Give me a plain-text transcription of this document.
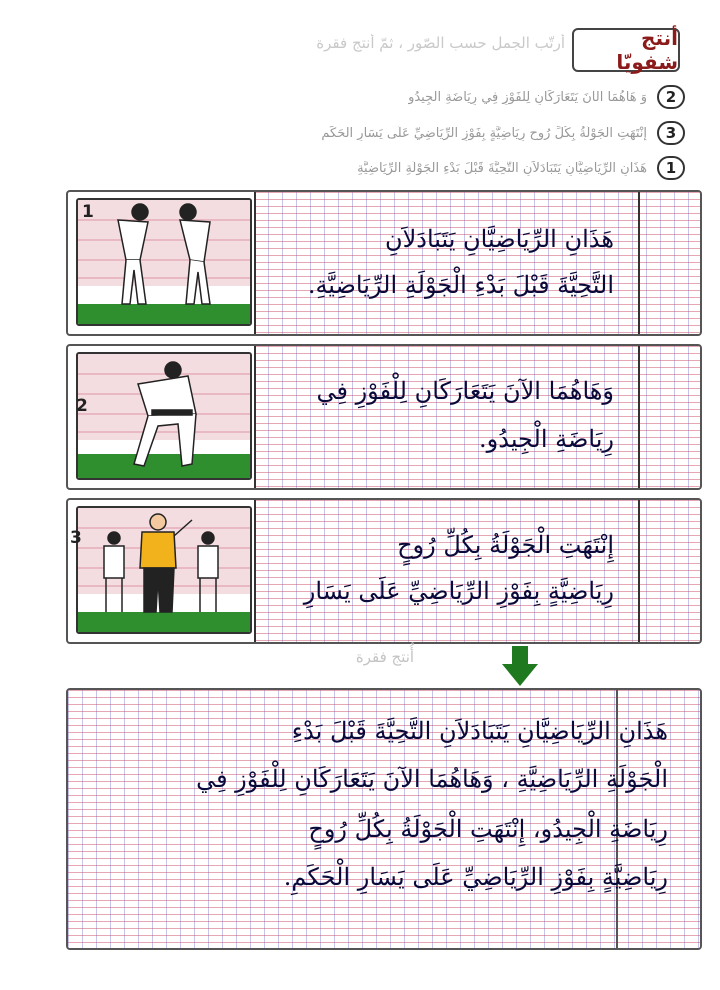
أنتج شفويّا
أرتّب الجمل حسب الصّور ، ثمّ أنتج فقرة
2
وَ هَاهُمَا الآنَ يَتَعَارَكَانِ لِلْفَوْزِ فِي رِيَاضَةِ الْجِيدُو
3
إِنْتَهَتِ الْجَوْلَةُ بِكُلِّ رُوحٍ رِيَاضِيَّةٍ بِفَوْزِ الرِّيَاضِيِّ عَلَى يَسَارِ الْحَكَمِ
1
هَذَانِ الرِّيَاضِيَّانِ يَتَبَادَلاَنِ التَّحِيَّةَ قَبْلَ بَدْءِ الْجَوْلَةِ الرِّيَاضِيَّةِ
1
هَذَانِ الرِّيَاضِيَّانِ يَتَبَادَلاَنِ
التَّحِيَّةَ قَبْلَ بَدْءِ الْجَوْلَةِ الرِّيَاضِيَّةِ.
2
وَهَاهُمَا الآنَ يَتَعَارَكَانِ لِلْفَوْزِ فِي
رِيَاضَةِ الْجِيدُو.
3	إِنْتَهَتِ الْجَوْلَةُ بِكُلِّ رُوحٍ
رِيَاضِيَّةٍ بِفَوْزِ الرِّيَاضِيِّ عَلَى يَسَارِ
أُنتج فقرة
هَذَانِ الرِّيَاضِيَّانِ يَتَبَادَلاَنِ التَّحِيَّةَ قَبْلَ بَدْءِ
الْجَوْلَةِ الرِّيَاضِيَّةِ ، وَهَاهُمَا الآنَ يَتَعَارَكَانِ لِلْفَوْزِ فِي
رِيَاضَةِ الْجِيدُو، إِنْتَهَتِ الْجَوْلَةُ بِكُلِّ رُوحٍ
رِيَاضِيَّةٍ بِفَوْزِ الرِّيَاضِيِّ عَلَى يَسَارِ الْحَكَمِ.
